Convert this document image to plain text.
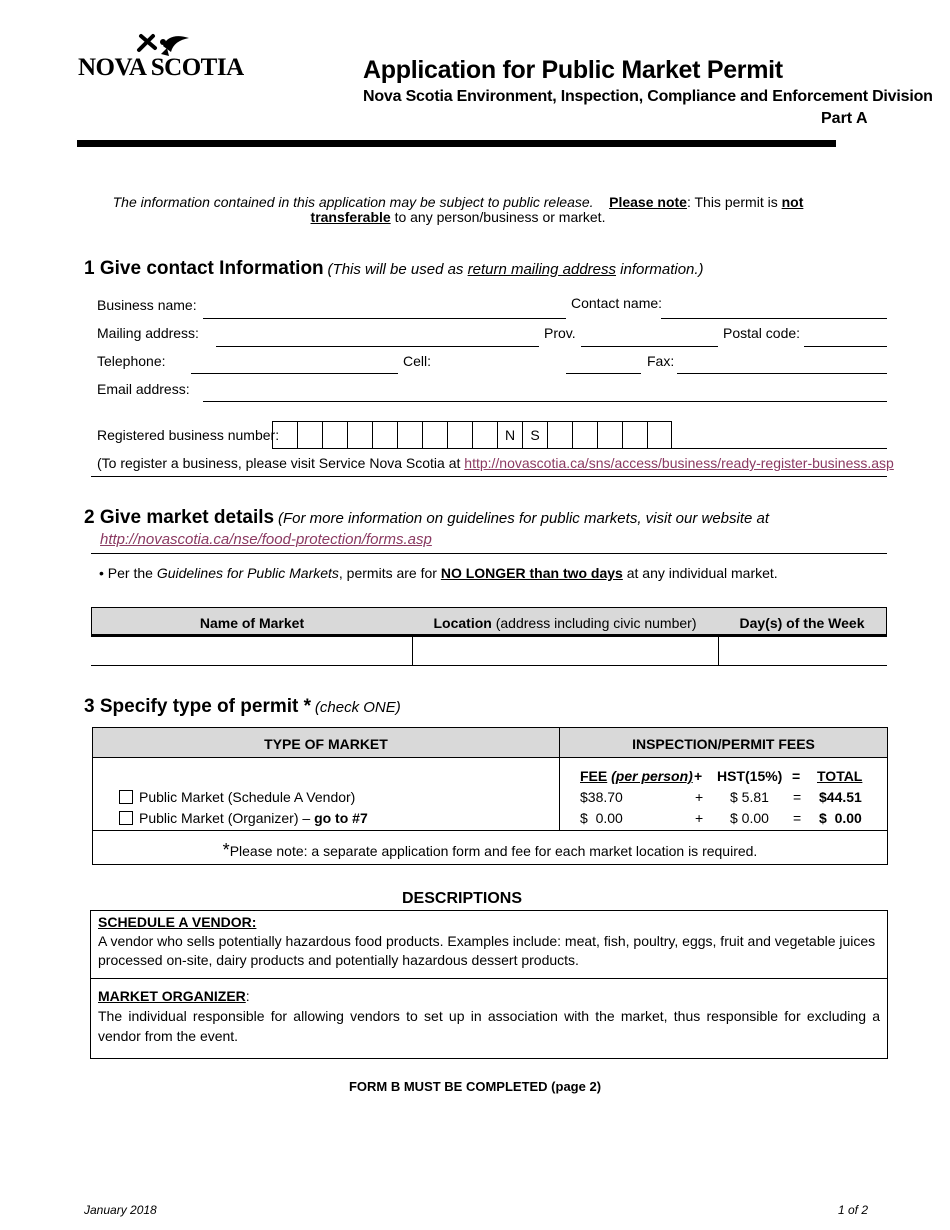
NOVA SCOTIA	Application for Public Market Permit
Nova Scotia Environment, Inspection, Compliance and Enforcement Division
Part A
The information contained in this application may be subject to public release. Please note: This permit is not
transferable to any person/business or market.
1 Give contact Information (This will be used as return mailing address information.)
Business name:	Contact name:
Mailing address:	Prov.	Postal code:
Telephone:	Cell:	Fax:
Email address:
Registered business number:	N	S
(To register a business, please visit Service Nova Scotia at http://novascotia.ca/sns/access/business/ready-register-business.asp
2 Give market details (For more information on guidelines for public markets, visit our website at
http://novascotia.ca/nse/food-protection/forms.asp
• Per the Guidelines for Public Markets, permits are for NO LONGER than two days at any individual market.
Name of Market	Location (address including civic number)	Day(s) of the Week
3 Specify type of permit * (check ONE)
TYPE OF MARKET	INSPECTION/PERMIT FEES
FEE (per person) + HST(15%) = TOTAL
Public Market (Schedule A Vendor)	$38.70	+ $ 5.81 = $44.51
Public Market (Organizer) – go to #7	$  0.00	+ $ 0.00 = $  0.00
*Please note: a separate application form and fee for each market location is required.
DESCRIPTIONS
SCHEDULE A VENDOR:
A vendor who sells potentially hazardous food products. Examples include: meat, fish, poultry, eggs, fruit and vegetable juices processed on-site, dairy products and potentially hazardous dessert products.
MARKET ORGANIZER:
The individual responsible for allowing vendors to set up in association with the market, thus responsible for excluding a vendor from the event.
FORM B MUST BE COMPLETED (page 2)
January 2018	1 of 2
